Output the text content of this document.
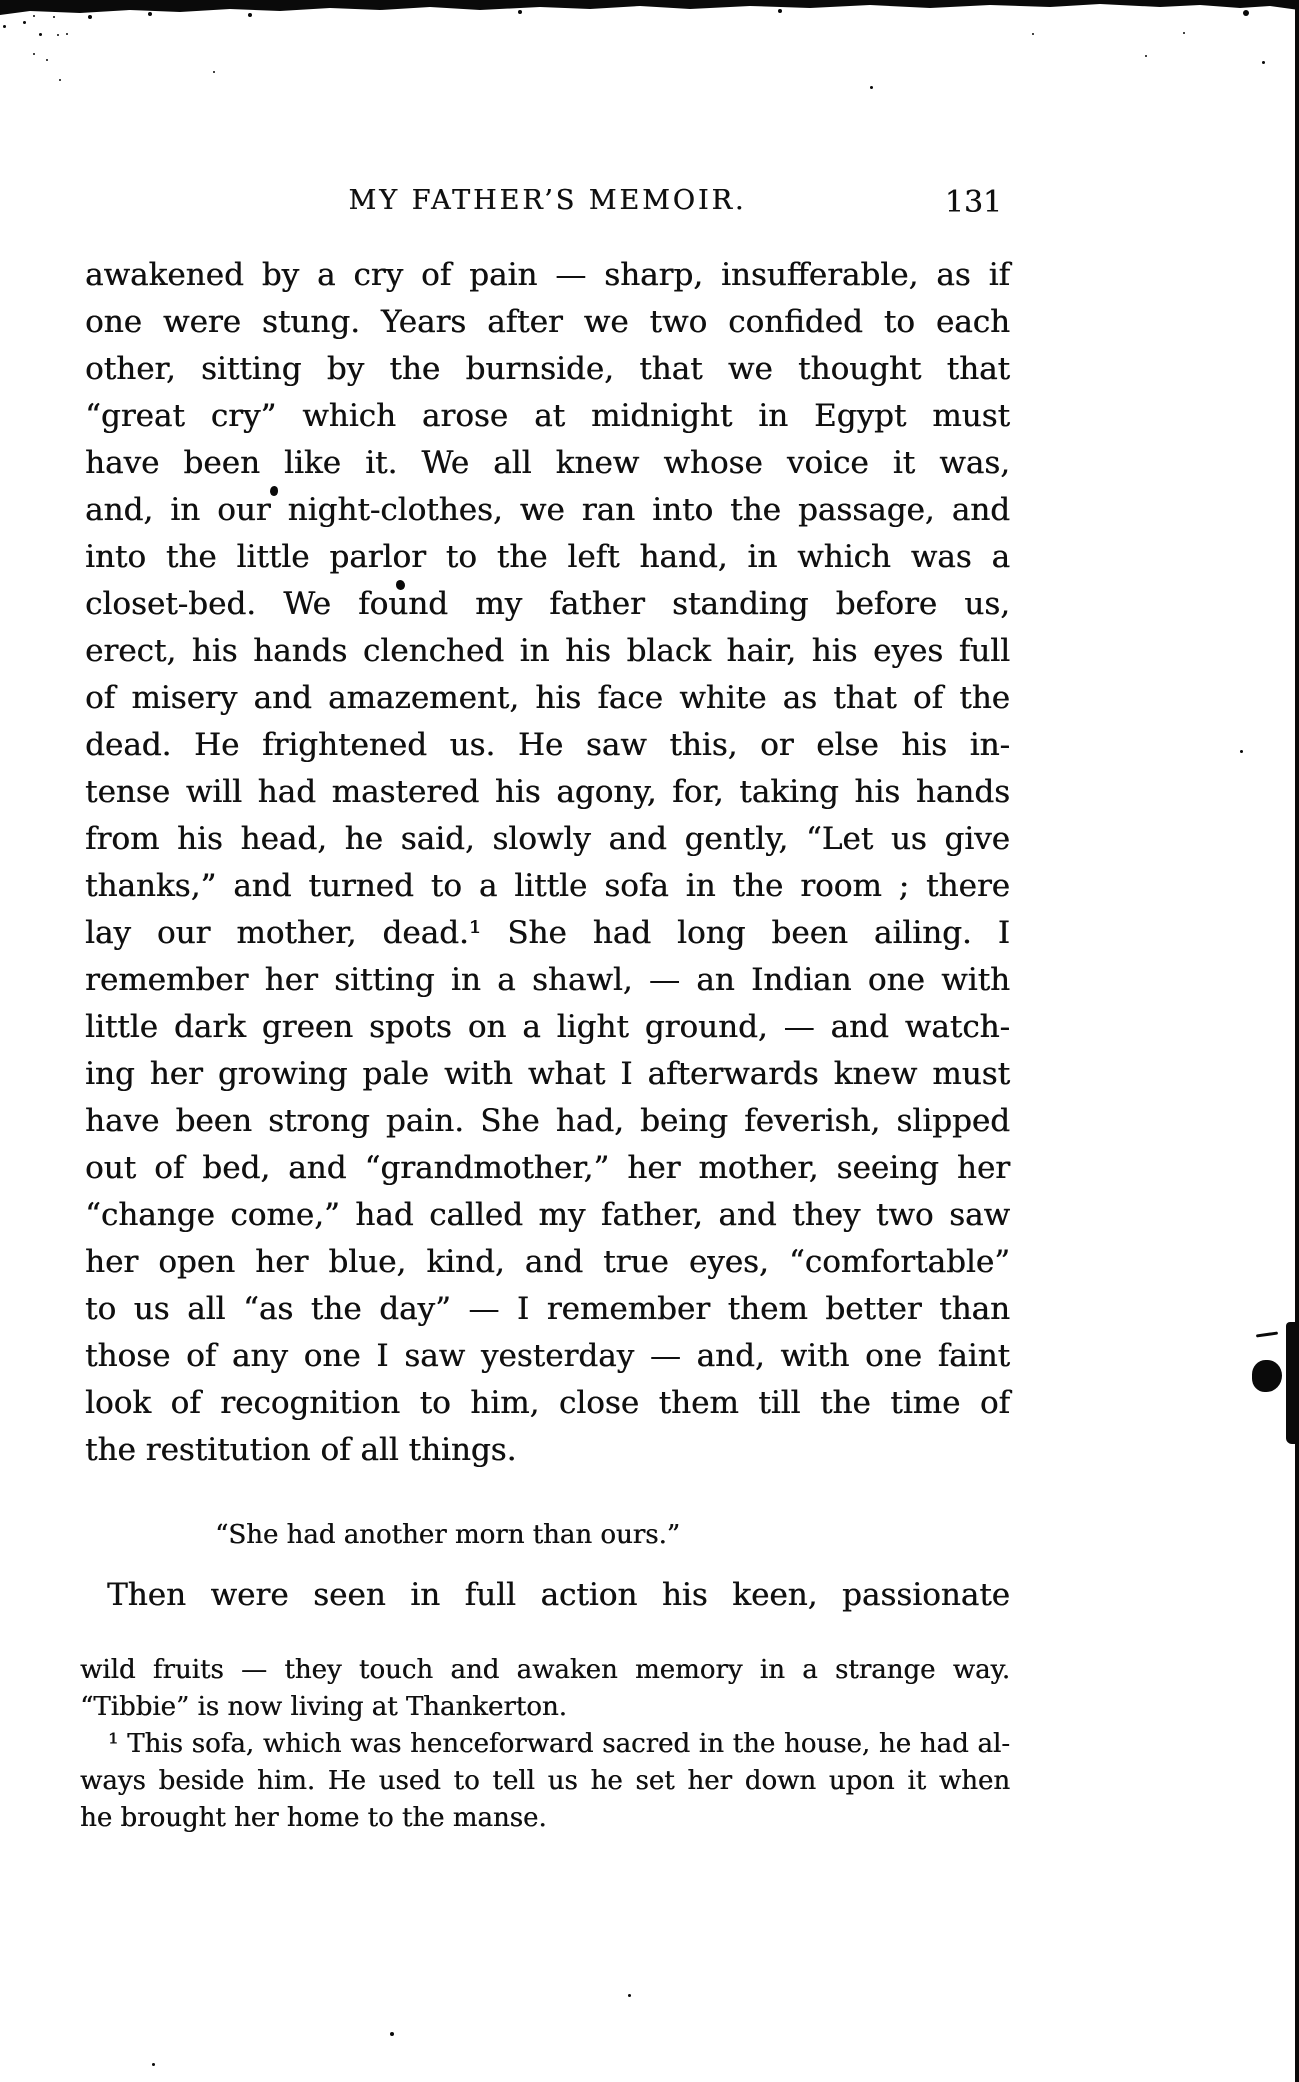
MY FATHER’S MEMOIR.	131
awakened by a cry of pain — sharp, insufferable, as if
one were stung. Years after we two confided to each
other, sitting by the burnside, that we thought that
“great cry” which arose at midnight in Egypt must
have been like it. We all knew whose voice it was,
and, in our night-clothes, we ran into the passage, and
into the little parlor to the left hand, in which was a
closet-bed. We found my father standing before us,
erect, his hands clenched in his black hair, his eyes full
of misery and amazement, his face white as that of the
dead. He frightened us. He saw this, or else his in-
tense will had mastered his agony, for, taking his hands
from his head, he said, slowly and gently, “Let us give
thanks,” and turned to a little sofa in the room ; there
lay our mother, dead.¹ She had long been ailing. I
remember her sitting in a shawl, — an Indian one with
little dark green spots on a light ground, — and watch-
ing her growing pale with what I afterwards knew must
have been strong pain. She had, being feverish, slipped
out of bed, and “grandmother,” her mother, seeing her
“change come,” had called my father, and they two saw
her open her blue, kind, and true eyes, “comfortable”
to us all “as the day” — I remember them better than
those of any one I saw yesterday — and, with one faint
look of recognition to him, close them till the time of
the restitution of all things.
“She had another morn than ours.”
Then were seen in full action his keen, passionate
wild fruits — they touch and awaken memory in a strange way.
“Tibbie” is now living at Thankerton.
¹ This sofa, which was henceforward sacred in the house, he had al-
ways beside him. He used to tell us he set her down upon it when
he brought her home to the manse.
